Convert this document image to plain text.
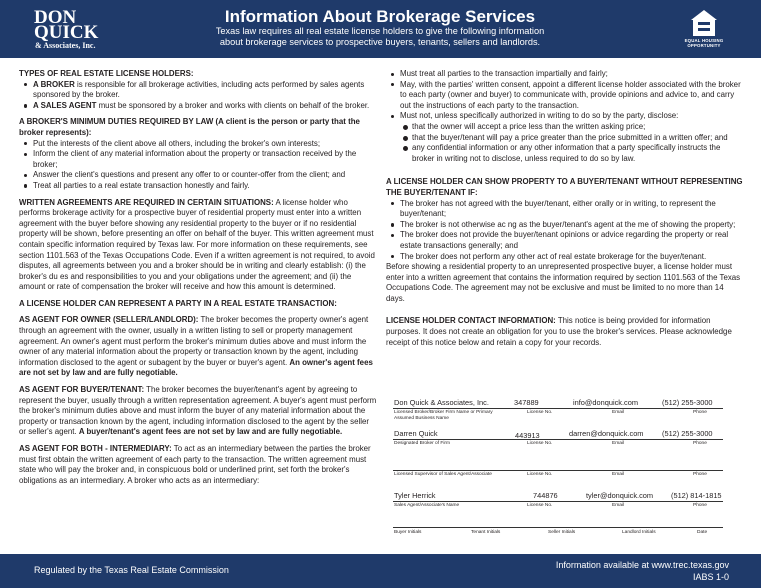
DON
QUICK
& Associates, Inc.
Information About Brokerage Services
Texas law requires all real estate license holders to give the following information
about brokerage services to prospective buyers, tenants, sellers and landlords.	EQUAL HOUSING
OPPORTUNITY

TYPES OF REAL ESTATE LICENSE HOLDERS:

A BROKER is responsible for all brokerage activities, including acts performed by sales agents sponsored by the broker.
A SALES AGENT must be sponsored by a broker and works with clients on behalf of the broker.

A BROKER'S MINIMUM DUTIES REQUIRED BY LAW (A client is the person or party that the broker represents):

Put the interests of the client above all others, including the broker's own interests;
Inform the client of any material information about the property or transaction received by the broker;
Answer the client's questions and present any offer to or counter-offer from the client; and
Treat all parties to a real estate transaction honestly and fairly.

WRITTEN AGREEMENTS ARE REQUIRED IN CERTAIN SITUATIONS: A license holder who performs brokerage activity for a prospective buyer of residential property must enter into a written agreement with the buyer before showing any residential property to the buyer or if no residential property will be shown, before presenting an offer on behalf of the buyer. This written agreement must contain specific information required by Texas law. For more information on these requirements, see section 1101.563 of the Texas Occupations Code. Even if a written agreement is not required, to avoid disputes, all agreements between you and a broker should be in writing and clearly establish: (i) the broker's du es and responsibilities to you and your obligations under the agreement; and (ii) the amount or rate of compensation the broker will receive and how this amount is determined.

A LICENSE HOLDER CAN REPRESENT A PARTY IN A REAL ESTATE TRANSACTION:

AS AGENT FOR OWNER (SELLER/LANDLORD): The broker becomes the property owner's agent through an agreement with the owner, usually in a written listing to sell or property management agreement. An owner's agent must perform the broker's minimum duties above and must inform the owner of any material information about the property or transaction known by the agent, including information disclosed to the agent or subagent by the buyer or buyer's agent. An owner's agent fees are not set by law and are fully negotiable.

AS AGENT FOR BUYER/TENANT: The broker becomes the buyer/tenant's agent by agreeing to represent the buyer, usually through a written representation agreement. A buyer's agent must perform the broker's minimum duties above and must inform the buyer of any material information about the property or transaction known by the agent, including information disclosed to the agent by the seller or seller's agent. A buyer/tenant's agent fees are not set by law and are fully negotiable.

AS AGENT FOR BOTH - INTERMEDIARY: To act as an intermediary between the parties the broker must first obtain the written agreement of each party to the transaction. The written agreement must state who will pay the broker and, in conspicuous bold or underlined print, set forth the broker's obligations as an intermediary. A broker who acts as an intermediary:

Must treat all parties to the transaction impartially and fairly;
May, with the parties' written consent, appoint a different license holder associated with the broker to each party (owner and buyer) to communicate with, provide opinions and advice to, and carry out the instructions of each party to the transaction.
Must not, unless specifically authorized in writing to do so by the party, disclose:
that the owner will accept a price less than the written asking price;
that the buyer/tenant will pay a price greater than the price submitted in a written offer; and
any confidential information or any other information that a party specifically instructs the broker in writing not to disclose, unless required to do so by law.

A LICENSE HOLDER CAN SHOW PROPERTY TO A BUYER/TENANT WITHOUT REPRESENTING THE BUYER/TENANT IF:

The broker has not agreed with the buyer/tenant, either orally or in writing, to represent the buyer/tenant;
The broker is not otherwise ac ng as the buyer/tenant's agent at the me of showing the property;
The broker does not provide the buyer/tenant opinions or advice regarding the property or real estate transactions generally; and
The broker does not perform any other act of real estate brokerage for the buyer/tenant.

Before showing a residential property to an unrepresented prospective buyer, a license holder must enter into a written agreement that contains the information required by section 1101.563 of the Texas Occupations Code. The agreement may not be exclusive and must be limited to no more than 14 days.

LICENSE HOLDER CONTACT INFORMATION: This notice is being provided for information purposes. It does not create an obligation for you to use the broker's services. Please acknowledge receipt of this notice below and retain a copy for your records.

Don Quick & Associates, Inc.	347889	info@donquick.com	(512) 255-3000
Licensed Broker/Broker Firm Name or Primary Assumed Business Name
License No.	Email	Phone
Darren Quick	443913	darren@donquick.com	(512) 255-3000
Designated Broker of Firm	License No.	Email	Phone
Licensed Supervisor of Sales Agent/Associate	License No.	Email	Phone
Tyler Herrick	744876	tyler@donquick.com (512) 814-1815
Sales Agent/Associate's Name	License No.	Email	Phone
Buyer Initials	Tenant Initials	Seller Initials	Landlord Initials	Date
Regulated by the Texas Real Estate Commission	Information available at www.trec.texas.gov
IABS 1-0
